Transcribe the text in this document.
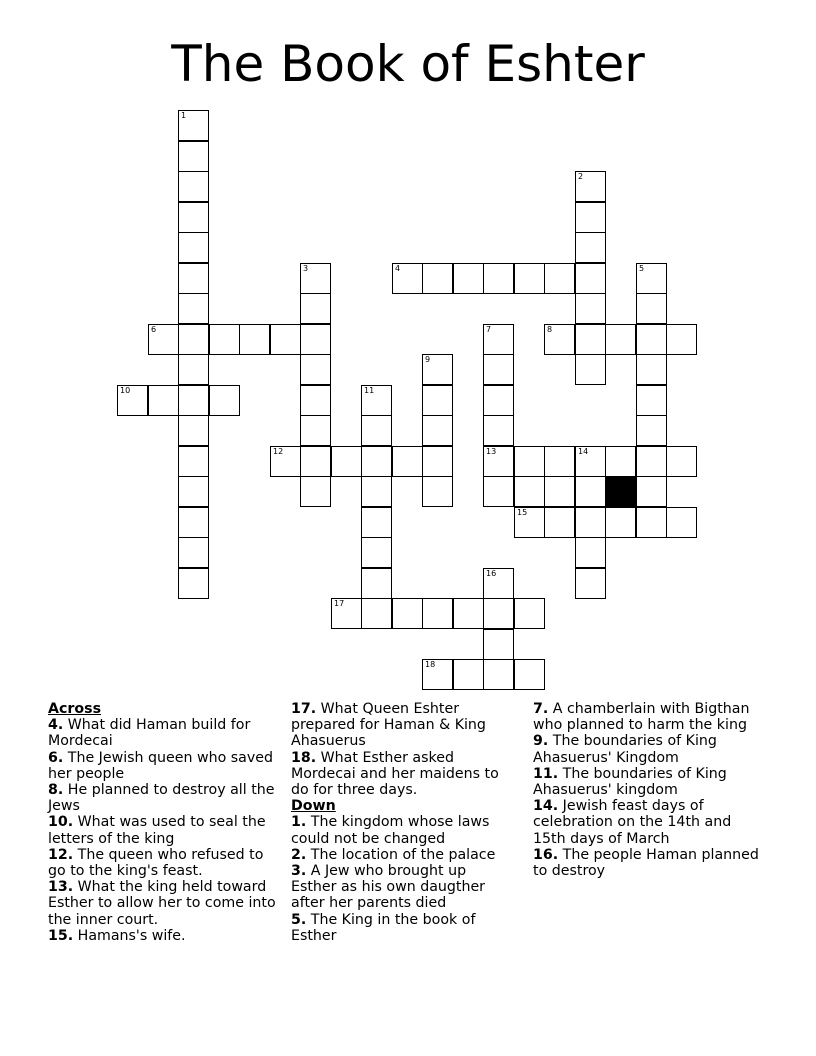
The Book of Eshter
1
2
3	4	5
6	7	8
9
10	11
12	13	14
15
16
17
18

Across

4. What did Haman build for Mordecai

6. The Jewish queen who saved her people

8. He planned to destroy all the Jews

10. What was used to seal the letters of the king

12. The queen who refused to go to the king's feast.

13. What the king held toward Esther to allow her to come into the inner court.

15. Hamans's wife.

17. What Queen Eshter prepared for Haman & King Ahasuerus

18. What Esther asked Mordecai and her maidens to do for three days.

Down

1. The kingdom whose laws could not be changed

2. The location of the palace

3. A Jew who brought up Esther as his own daugther after her parents died

5. The King in the book of Esther

7. A chamberlain with Bigthan who planned to harm the king

9. The boundaries of King Ahasuerus' Kingdom

11. The boundaries of King Ahasuerus' kingdom

14. Jewish feast days of celebration on the 14th and 15th days of March

16. The people Haman planned to destroy
